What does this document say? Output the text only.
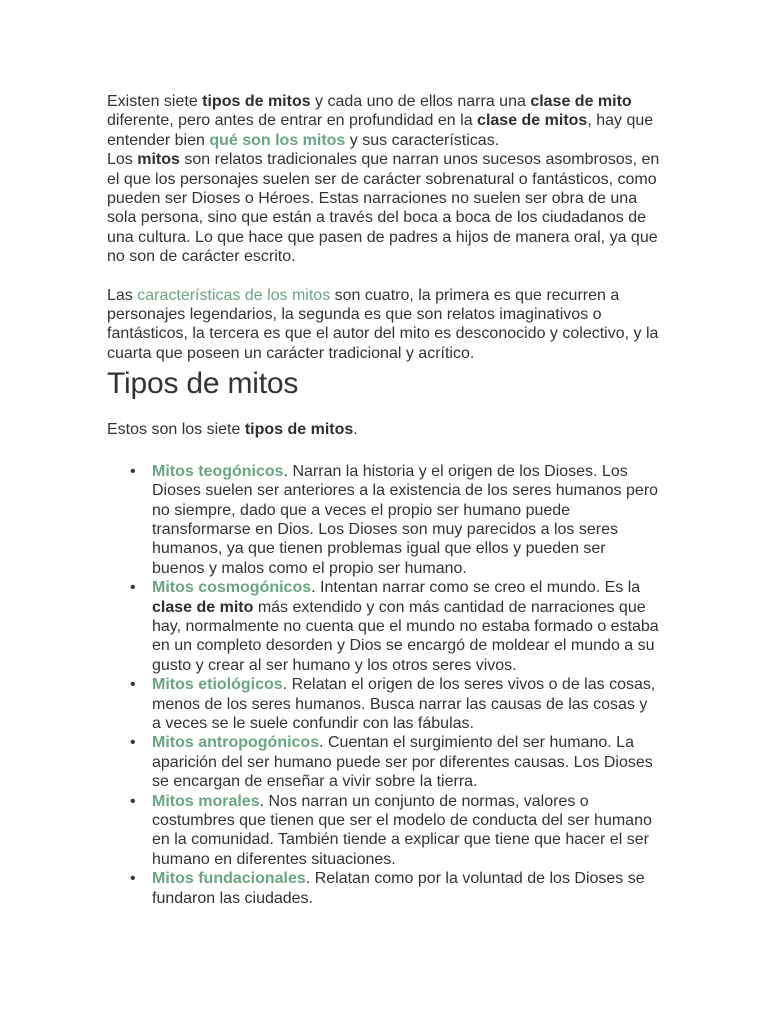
Existen siete tipos de mitos y cada uno de ellos narra una clase de mito diferente, pero antes de entrar en profundidad en la clase de mitos, hay que entender bien qué son los mitos y sus características.

Los mitos son relatos tradicionales que narran unos sucesos asombrosos, en el que los personajes suelen ser de carácter sobrenatural o fantásticos, como pueden ser Dioses o Héroes. Estas narraciones no suelen ser obra de una sola persona, sino que están a través del boca a boca de los ciudadanos de una cultura. Lo que hace que pasen de padres a hijos de manera oral, ya que no son de carácter escrito.

Las características de los mitos son cuatro, la primera es que recurren a personajes legendarios, la segunda es que son relatos imaginativos o fantásticos, la tercera es que el autor del mito es desconocido y colectivo, y la cuarta que poseen un carácter tradicional y acrítico.

Tipos de mitos

Estos son los siete tipos de mitos.

• Mitos teogónicos. Narran la historia y el origen de los Dioses. Los Dioses suelen ser anteriores a la existencia de los seres humanos pero no siempre, dado que a veces el propio ser humano puede transformarse en Dios. Los Dioses son muy parecidos a los seres humanos, ya que tienen problemas igual que ellos y pueden ser buenos y malos como el propio ser humano.
• Mitos cosmogónicos. Intentan narrar como se creo el mundo. Es la clase de mito más extendido y con más cantidad de narraciones que hay, normalmente no cuenta que el mundo no estaba formado o estaba en un completo desorden y Dios se encargó de moldear el mundo a su gusto y crear al ser humano y los otros seres vivos.
• Mitos etiológicos. Relatan el origen de los seres vivos o de las cosas, menos de los seres humanos. Busca narrar las causas de las cosas y a veces se le suele confundir con las fábulas.
• Mitos antropogónicos. Cuentan el surgimiento del ser humano. La aparición del ser humano puede ser por diferentes causas. Los Dioses se encargan de enseñar a vivir sobre la tierra.
• Mitos morales. Nos narran un conjunto de normas, valores o costumbres que tienen que ser el modelo de conducta del ser humano en la comunidad. También tiende a explicar que tiene que hacer el ser humano en diferentes situaciones.
• Mitos fundacionales. Relatan como por la voluntad de los Dioses se fundaron las ciudades.
